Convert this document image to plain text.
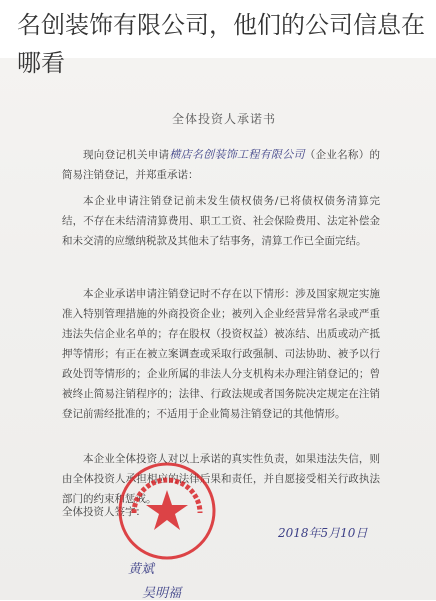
名创装饰有限公司，他们的公司信息在哪看
全体投资人承诺书
现向登记机关申请横店名创装饰工程有限公司（企业名称）的简易注销登记，并郑重承诺：
本企业申请注销登记前未发生债权债务/已将债权债务清算完结，不存在未结清清算费用、职工工资、社会保险费用、法定补偿金和未交清的应缴纳税款及其他未了结事务，清算工作已全面完结。
本企业承诺申请注销登记时不存在以下情形：涉及国家规定实施准入特别管理措施的外商投资企业；被列入企业经营异常名录或严重违法失信企业名单的；存在股权（投资权益）被冻结、出质或动产抵押等情形；有正在被立案调查或采取行政强制、司法协助、被予以行政处罚等情形的；企业所属的非法人分支机构未办理注销登记的；曾被终止简易注销程序的；法律、行政法规或者国务院决定规定在注销登记前需经批准的；不适用于企业简易注销登记的其他情形。
本企业全体投资人对以上承诺的真实性负责，如果违法失信，则由全体投资人承担相应的法律后果和责任，并自愿接受相关行政执法部门的约束和惩戒。
全体投资人签字：
2018年5月10日
黄斌
吴明福
